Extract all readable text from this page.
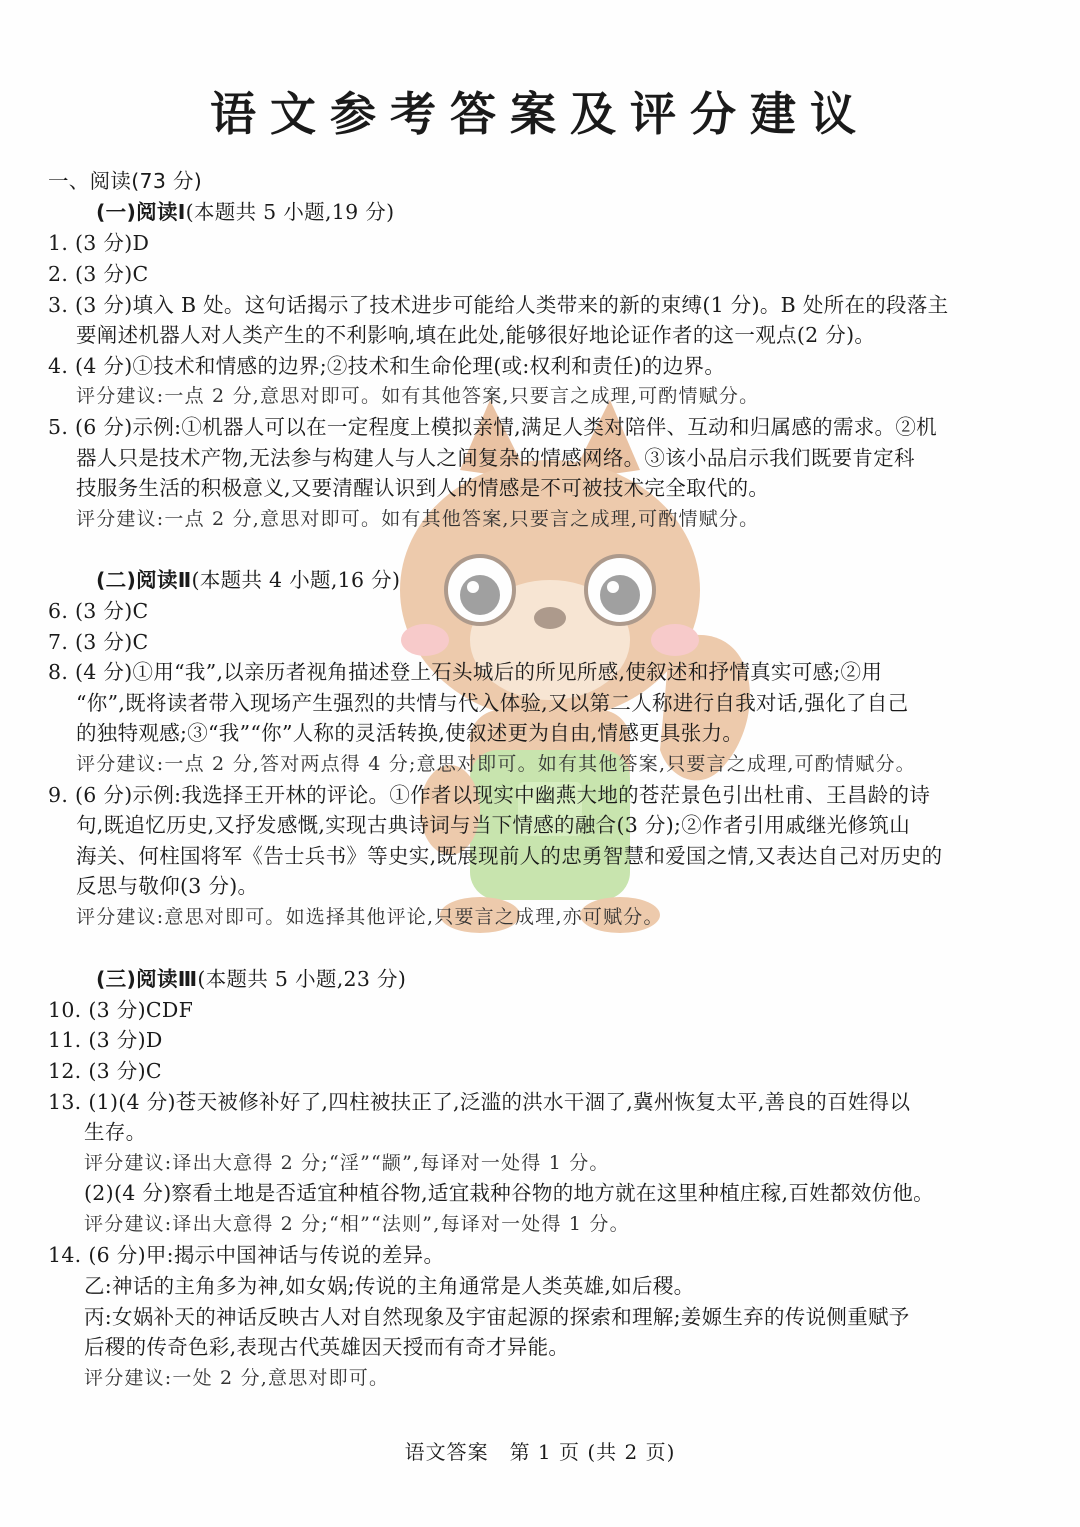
语文参考答案及评分建议
一、阅读(73 分)
(一)阅读Ⅰ(本题共 5 小题,19 分)
1. (3 分)D
2. (3 分)C
3. (3 分)填入 B 处。这句话揭示了技术进步可能给人类带来的新的束缚(1 分)。B 处所在的段落主
要阐述机器人对人类产生的不利影响,填在此处,能够很好地论证作者的这一观点(2 分)。
4. (4 分)①技术和情感的边界;②技术和生命伦理(或:权利和责任)的边界。
评分建议:一点 2 分,意思对即可。如有其他答案,只要言之成理,可酌情赋分。
5. (6 分)示例:①机器人可以在一定程度上模拟亲情,满足人类对陪伴、互动和归属感的需求。②机
器人只是技术产物,无法参与构建人与人之间复杂的情感网络。③该小品启示我们既要肯定科
技服务生活的积极意义,又要清醒认识到人的情感是不可被技术完全取代的。
评分建议:一点 2 分,意思对即可。如有其他答案,只要言之成理,可酌情赋分。
(二)阅读Ⅱ(本题共 4 小题,16 分)
6. (3 分)C
7. (3 分)C
8. (4 分)①用“我”,以亲历者视角描述登上石头城后的所见所感,使叙述和抒情真实可感;②用
“你”,既将读者带入现场产生强烈的共情与代入体验,又以第二人称进行自我对话,强化了自己
的独特观感;③“我”“你”人称的灵活转换,使叙述更为自由,情感更具张力。
评分建议:一点 2 分,答对两点得 4 分;意思对即可。如有其他答案,只要言之成理,可酌情赋分。
9. (6 分)示例:我选择王开林的评论。①作者以现实中幽燕大地的苍茫景色引出杜甫、王昌龄的诗
句,既追忆历史,又抒发感慨,实现古典诗词与当下情感的融合(3 分);②作者引用戚继光修筑山
海关、何柱国将军《告士兵书》等史实,既展现前人的忠勇智慧和爱国之情,又表达自己对历史的
反思与敬仰(3 分)。
评分建议:意思对即可。如选择其他评论,只要言之成理,亦可赋分。
(三)阅读Ⅲ(本题共 5 小题,23 分)
10. (3 分)CDF
11. (3 分)D
12. (3 分)C
13. (1)(4 分)苍天被修补好了,四柱被扶正了,泛滥的洪水干涸了,冀州恢复太平,善良的百姓得以
生存。
评分建议:译出大意得 2 分;“淫”“颛”,每译对一处得 1 分。
(2)(4 分)察看土地是否适宜种植谷物,适宜栽种谷物的地方就在这里种植庄稼,百姓都效仿他。
评分建议:译出大意得 2 分;“相”“法则”,每译对一处得 1 分。
14. (6 分)甲:揭示中国神话与传说的差异。
乙:神话的主角多为神,如女娲;传说的主角通常是人类英雄,如后稷。
丙:女娲补天的神话反映古人对自然现象及宇宙起源的探索和理解;姜嫄生弃的传说侧重赋予
后稷的传奇色彩,表现古代英雄因天授而有奇才异能。
评分建议:一处 2 分,意思对即可。
语文答案　第 1 页 (共 2 页)
